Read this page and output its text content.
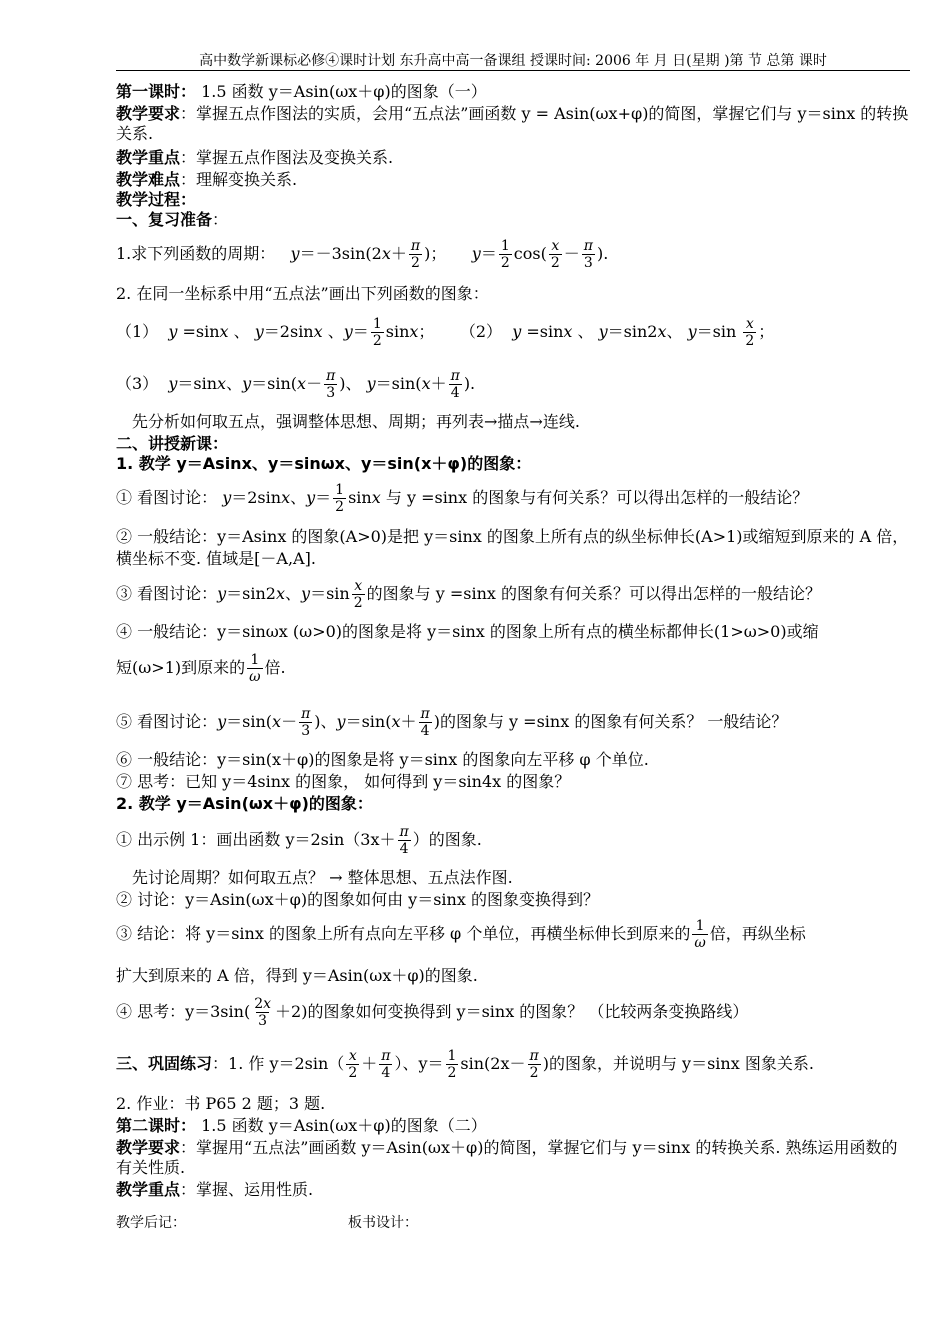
高中数学新课标必修④课时计划 东升高中高一备课组 授课时间: 2006 年 月 日(星期 )第 节 总第 课时
第一课时： 1.5 函数 y＝Asin(ωx＋φ)的图象（一）
教学要求：掌握五点作图法的实质，会用“五点法”画函数 y = Asin(ωx+φ)的简图，掌握它们与 y＝sinx 的转换关系.
教学重点：掌握五点作图法及变换关系.
教学难点：理解变换关系.
教学过程：
一、复习准备：
1.求下列函数的周期： $y=-3\sin(2x+ \frac{\pi}{2}$ )；     $y= \frac{1}{2} \cos( \frac{x}{2} - \frac{\pi}{3}$ ).
2. 在同一坐标系中用“五点法”画出下列函数的图象：
（1）  y =sinx 、 y＝2sinx 、$y= \frac{1}{2}$ sinx；     （2）  y =sinx 、 y＝sin2x、 $y=\sin \frac{x}{2}$ ；
（3）  y＝sinx、$y=\sin(x- \frac{\pi}{3}$ )、 $y=\sin(x+ \frac{\pi}{4}$ ).
先分析如何取五点，强调整体思想、周期；再列表→描点→连线.
二、讲授新课：
1. 教学 y＝Asinx、y＝sinωx、y＝sin(x＋φ)的图象：
① 看图讨论： y＝2sinx、$y= \frac{1}{2}$ sinx 与 y =sinx 的图象与有何关系？可以得出怎样的一般结论？
② 一般结论：y＝Asinx 的图象(A>0)是把 y＝sinx 的图象上所有点的纵坐标伸长(A>1)或缩短到原来的 A 倍，横坐标不变. 值域是[－A,A].
③ 看图讨论：y＝sin2x、$y=\sin \frac{x}{2}$ 的图象与 y =sinx 的图象有何关系？可以得出怎样的一般结论？
④ 一般结论：y＝sinωx (ω>0)的图象是将 y＝sinx 的图象上所有点的横坐标都伸长(1>ω>0)或缩
短(ω>1)到原来的 $\frac{1}{\omega}$ 倍.
⑤ 看图讨论：$y=\sin(x- \frac{\pi}{3}$ )、$y=\sin(x+ \frac{\pi}{4}$ )的图象与 y =sinx 的图象有何关系？ 一般结论？
⑥ 一般结论：y＝sin(x＋φ)的图象是将 y＝sinx 的图象向左平移 φ 个单位.
⑦ 思考：已知 y＝4sinx 的图象， 如何得到 y＝sin4x 的图象？
2. 教学 y＝Asin(ωx＋φ)的图象：
① 出示例 1：画出函数 $y=2\sin(3x+ \frac{\pi}{4}$ ）的图象.
先讨论周期？如何取五点？ → 整体思想、五点法作图.
② 讨论：y＝Asin(ωx＋φ)的图象如何由 y＝sinx 的图象变换得到？
③ 结论：将 y＝sinx 的图象上所有点向左平移 φ 个单位，再横坐标伸长到原来的 $\frac{1}{\omega}$ 倍，再纵坐标
扩大到原来的 A 倍，得到 y＝Asin(ωx＋φ)的图象.
④ 思考：$y=3\sin( \frac{2x}{3} +2)$的图象如何变换得到 y＝sinx 的图象？ （比较两条变换路线）
三、巩固练习：1. 作 $y=2\sin( \frac{x}{2} + \frac{\pi}{4}$ ）、$y= \frac{1}{2} \sin(2x- \frac{\pi}{2}$ )的图象，并说明与 y＝sinx 图象关系.
2. 作业：书 P65 2 题；3 题.
第二课时： 1.5 函数 y＝Asin(ωx＋φ)的图象（二）
教学要求：掌握用“五点法”画函数 y＝Asin(ωx＋φ)的简图，掌握它们与 y＝sinx 的转换关系. 熟练运用函数的有关性质.
教学重点：掌握、运用性质.
教学后记：	板书设计：
